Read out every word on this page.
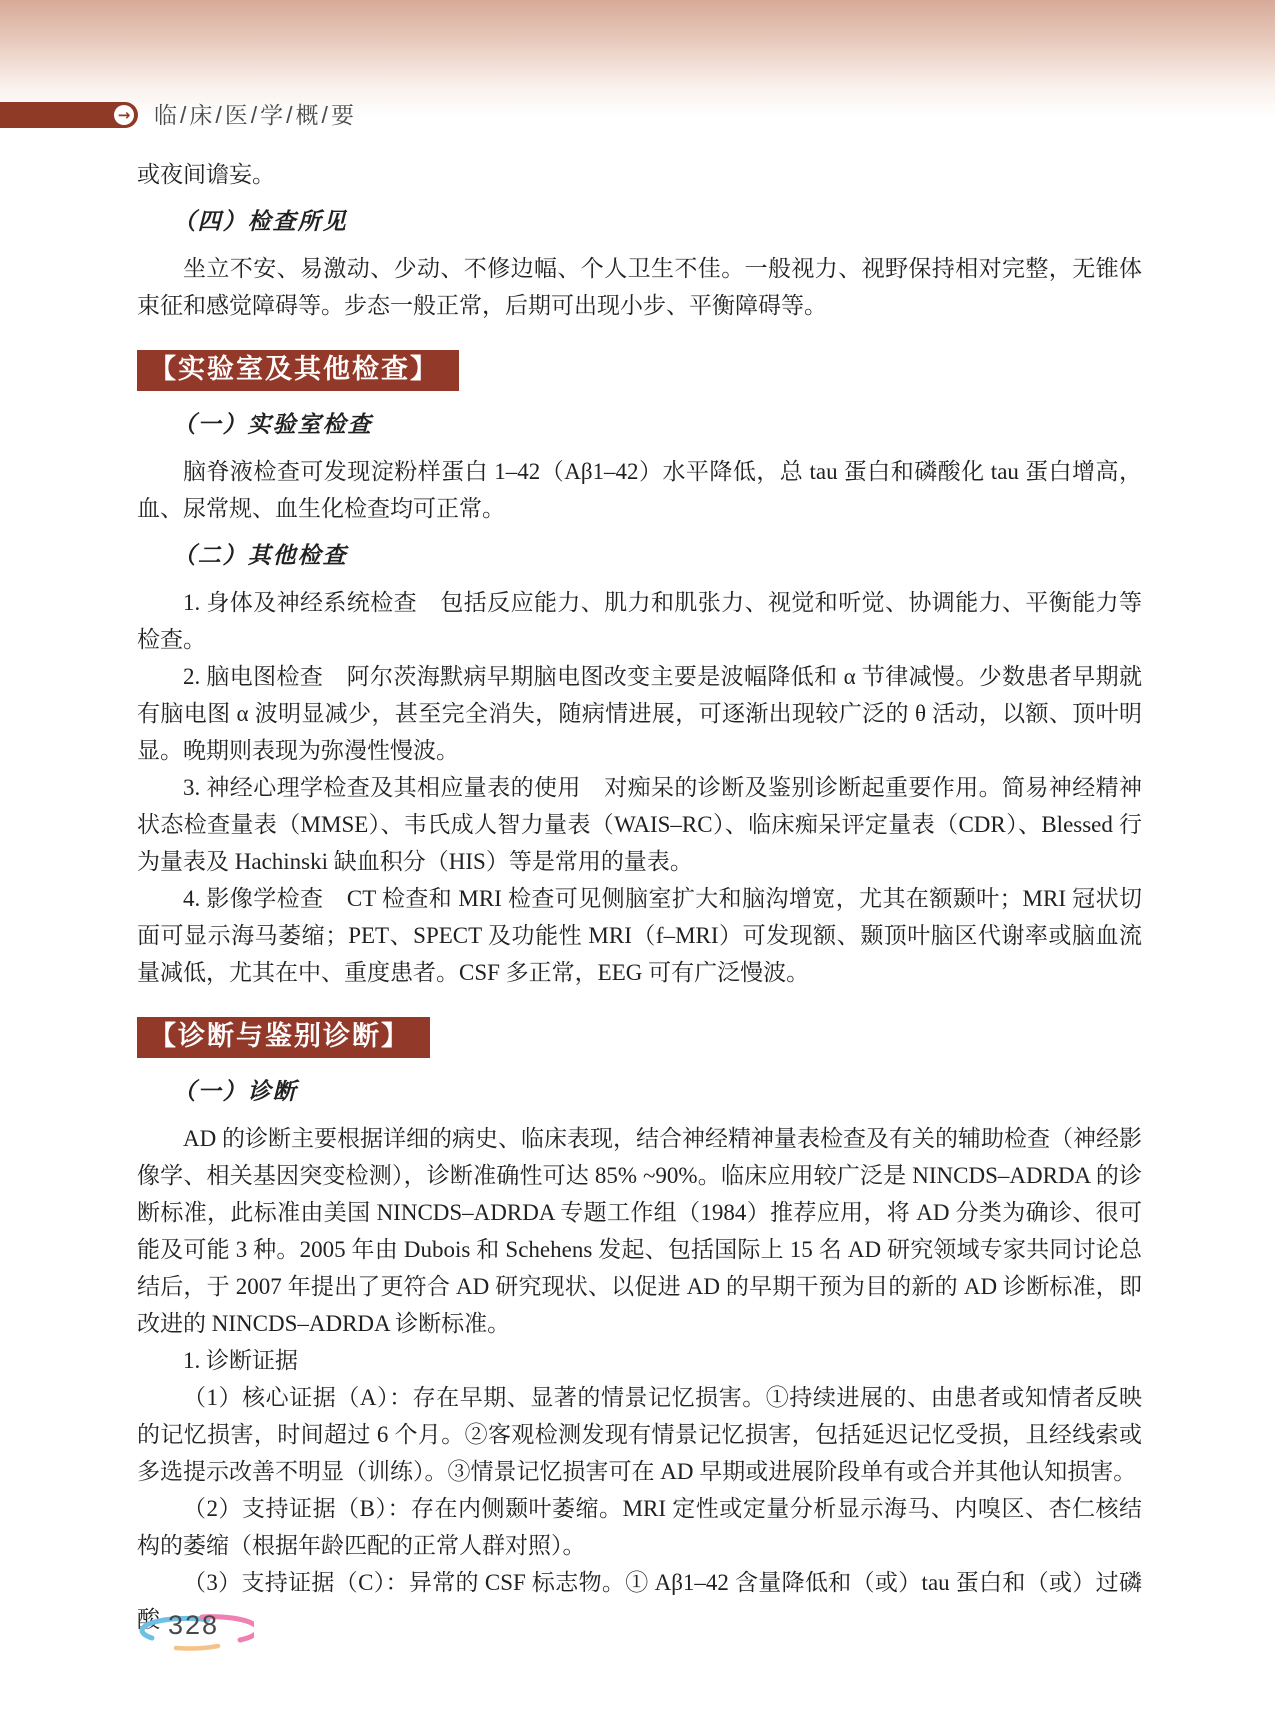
→ 临/床/医/学/概/要

或夜间谵妄。

（四）检查所见

坐立不安、易激动、少动、不修边幅、个人卫生不佳。一般视力、视野保持相对完整，无锥体束征和感觉障碍等。步态一般正常，后期可出现小步、平衡障碍等。

【实验室及其他检查】
（一）实验室检查

脑脊液检查可发现淀粉样蛋白 1–42（Aβ1–42）水平降低，总 tau 蛋白和磷酸化 tau 蛋白增高，血、尿常规、血生化检查均可正常。

（二）其他检查

1. 身体及神经系统检查　包括反应能力、肌力和肌张力、视觉和听觉、协调能力、平衡能力等检查。

2. 脑电图检查　阿尔茨海默病早期脑电图改变主要是波幅降低和 α 节律减慢。少数患者早期就有脑电图 α 波明显减少，甚至完全消失，随病情进展，可逐渐出现较广泛的 θ 活动，以额、顶叶明显。晚期则表现为弥漫性慢波。

3. 神经心理学检查及其相应量表的使用　对痴呆的诊断及鉴别诊断起重要作用。简易神经精神状态检查量表（MMSE）、韦氏成人智力量表（WAIS–RC）、临床痴呆评定量表（CDR）、Blessed 行为量表及 Hachinski 缺血积分（HIS）等是常用的量表。

4. 影像学检查　CT 检查和 MRI 检查可见侧脑室扩大和脑沟增宽，尤其在额颞叶；MRI 冠状切面可显示海马萎缩；PET、SPECT 及功能性 MRI（f–MRI）可发现额、颞顶叶脑区代谢率或脑血流量减低，尤其在中、重度患者。CSF 多正常，EEG 可有广泛慢波。

【诊断与鉴别诊断】
（一）诊断

AD 的诊断主要根据详细的病史、临床表现，结合神经精神量表检查及有关的辅助检查（神经影像学、相关基因突变检测），诊断准确性可达 85% ~90%。临床应用较广泛是 NINCDS–ADRDA 的诊断标准，此标准由美国 NINCDS–ADRDA 专题工作组（1984）推荐应用，将 AD 分类为确诊、很可能及可能 3 种。2005 年由 Dubois 和 Schehens 发起、包括国际上 15 名 AD 研究领域专家共同讨论总结后，于 2007 年提出了更符合 AD 研究现状、以促进 AD 的早期干预为目的新的 AD 诊断标准，即改进的 NINCDS–ADRDA 诊断标准。

1. 诊断证据

（1）核心证据（A）：存在早期、显著的情景记忆损害。①持续进展的、由患者或知情者反映的记忆损害，时间超过 6 个月。②客观检测发现有情景记忆损害，包括延迟记忆受损，且经线索或多选提示改善不明显（训练）。③情景记忆损害可在 AD 早期或进展阶段单有或合并其他认知损害。

（2）支持证据（B）：存在内侧颞叶萎缩。MRI 定性或定量分析显示海马、内嗅区、杏仁核结构的萎缩（根据年龄匹配的正常人群对照）。

（3）支持证据（C）：异常的 CSF 标志物。① Aβ1–42 含量降低和（或）tau 蛋白和（或）过磷酸 328
